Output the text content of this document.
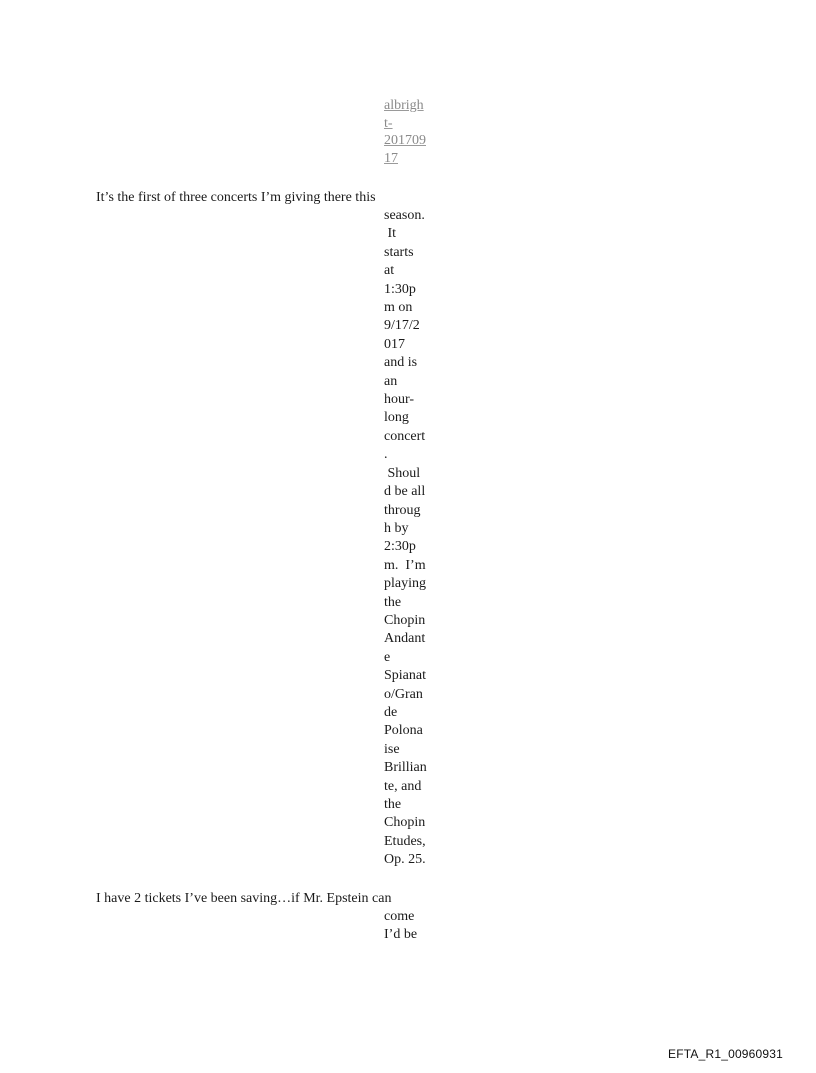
albrigh
t-
201709
17
It’s the first of three concerts I’m giving there this
season.
It
starts
at
1:30p
m on
9/17/2
017
and is
an
hour-
long
concert
.
Shoul
d be all
throug
h by
2:30p
m.  I’m
playing
the
Chopin
Andant
e
Spianat
o/Gran
de
Polona
ise
Brillian
te, and
the
Chopin
Etudes,
Op. 25.
I have 2 tickets I’ve been saving…if Mr. Epstein can
come
I’d be
EFTA_R1_00960931
